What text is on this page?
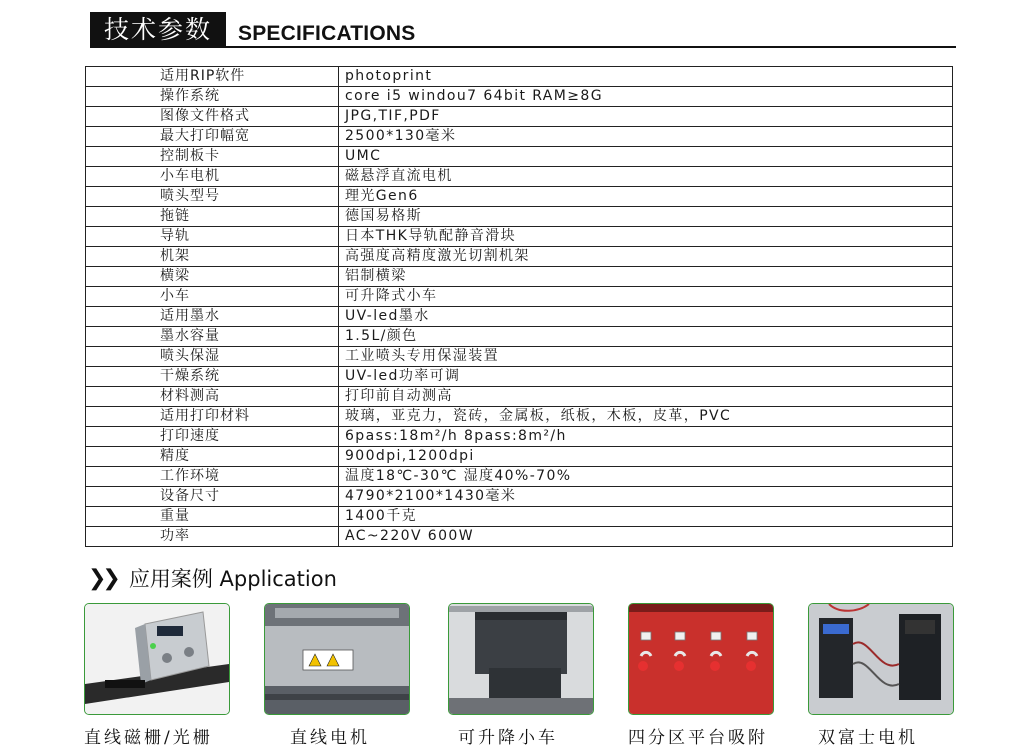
技术参数	SPECIFICATIONS
适用RIP软件	photoprint
操作系统	core i5 windou7 64bit RAM≥8G
图像文件格式	JPG,TIF,PDF
最大打印幅宽	2500*130毫米
控制板卡	UMC
小车电机	磁悬浮直流电机
喷头型号	理光Gen6
拖链	德国易格斯
导轨	日本THK导轨配静音滑块
机架	高强度高精度激光切割机架
横梁	铝制横梁
小车	可升降式小车
适用墨水	UV-led墨水
墨水容量	1.5L/颜色
喷头保湿	工业喷头专用保湿装置
干燥系统	UV-led功率可调
材料测高	打印前自动测高
适用打印材料	玻璃，亚克力，瓷砖，金属板，纸板，木板，皮革，PVC
打印速度	6pass:18m²/h 8pass:8m²/h
精度	900dpi,1200dpi
工作环境	温度18℃-30℃ 湿度40%-70%
设备尺寸	4790*2100*1430毫米
重量	1400千克
功率	AC~220V 600W
❯❯ 应用案例 Application
直线磁栅/光栅	直线电机	可升降小车	四分区平台吸附	双富士电机
